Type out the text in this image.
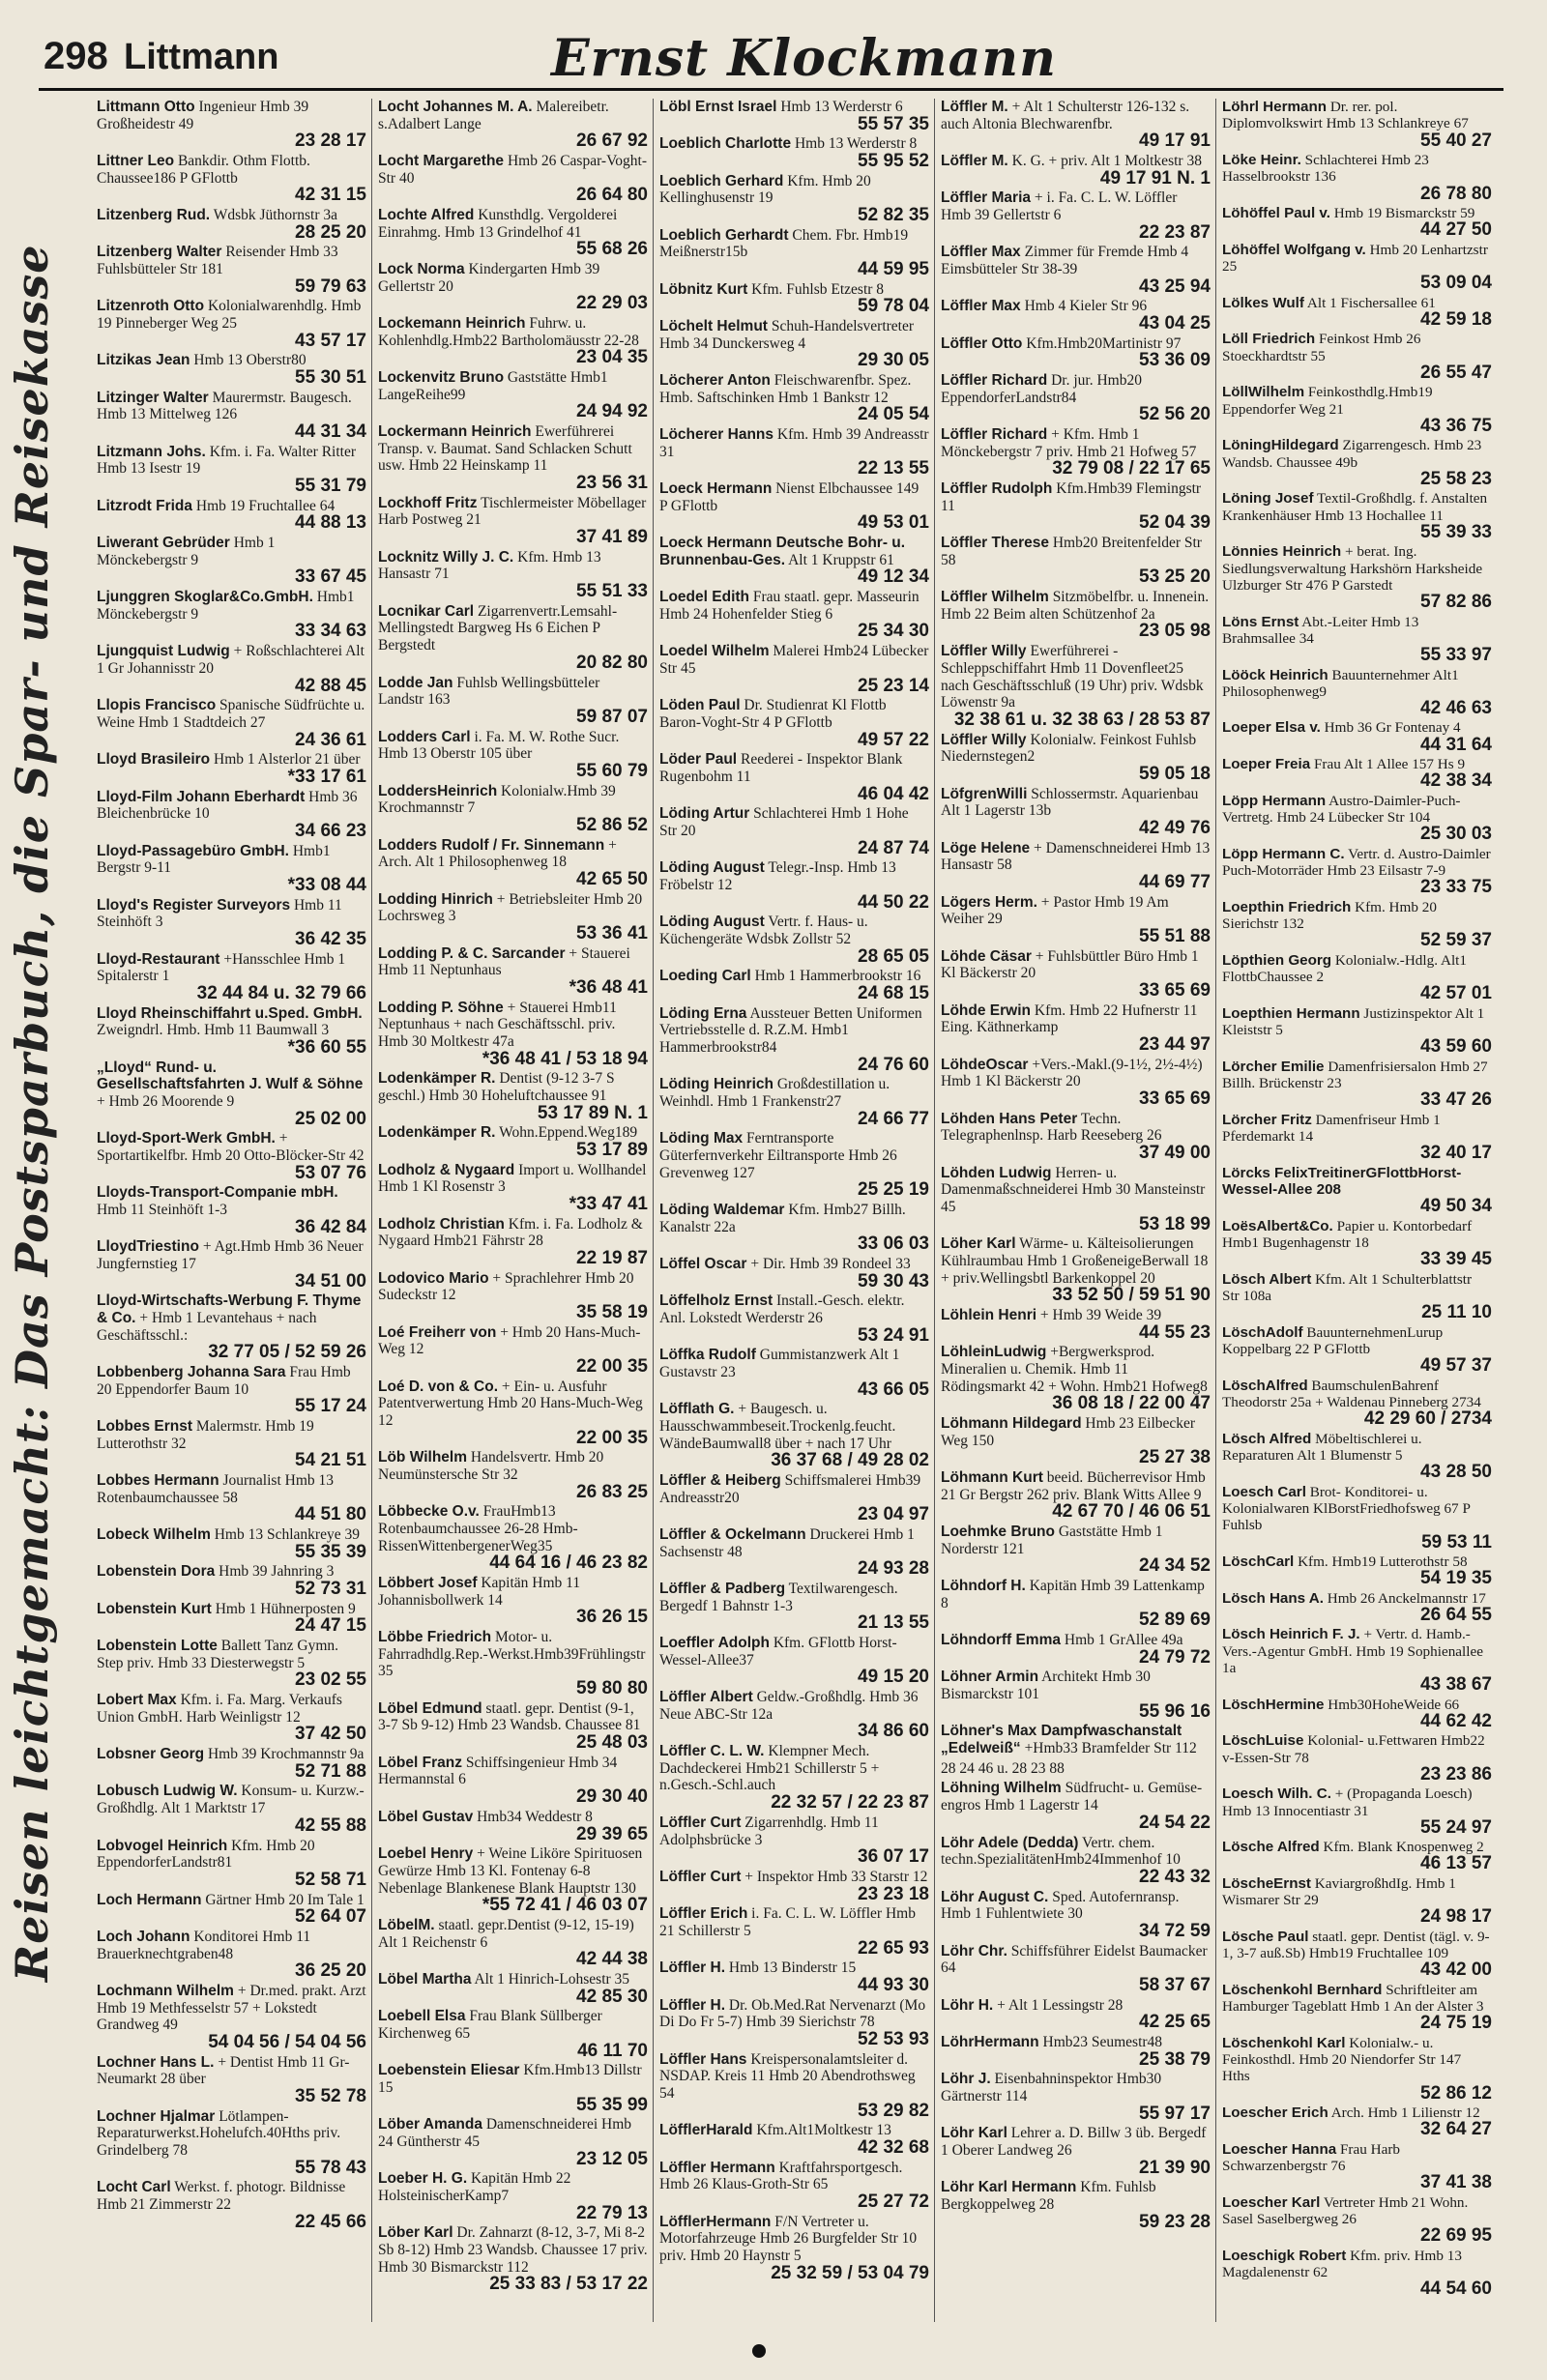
298 Littmann	Ernst Klockmann
Reisen leichtgemacht: Das Postsparbuch, die Spar- und Reisekasse
Littmann Otto Ingenieur Hmb 39 Großheidestr 49
23 28 17
Littner Leo Bankdir. Othm Flottb. Chaussee186 P GFlottb
42 31 15
Litzenberg Rud. Wdsbk Jüthornstr 3a
28 25 20
Litzenberg Walter Reisender Hmb 33 Fuhlsbütteler Str 181
59 79 63
Litzenroth Otto Kolonialwarenhdlg. Hmb 19 Pinneberger Weg 25
43 57 17
Litzikas Jean Hmb 13 Oberstr80
55 30 51
Litzinger Walter Maurermstr. Baugesch. Hmb 13 Mittelweg 126
44 31 34
Litzmann Johs. Kfm. i. Fa. Walter Ritter Hmb 13 Isestr 19
55 31 79
Litzrodt Frida Hmb 19 Fruchtallee 64
44 88 13
Liwerant Gebrüder Hmb 1 Mönckebergstr 9
33 67 45
Ljunggren Skoglar&Co.GmbH. Hmb1 Mönckebergstr 9
33 34 63
Ljungquist Ludwig + Roßschlachterei Alt 1 Gr Johannisstr 20
42 88 45
Llopis Francisco Spanische Südfrüchte u. Weine Hmb 1 Stadtdeich 27
24 36 61
Lloyd Brasileiro Hmb 1 Alsterlor 21 über
*33 17 61
Lloyd-Film Johann Eberhardt Hmb 36 Bleichenbrücke 10
34 66 23
Lloyd-Passagebüro GmbH. Hmb1 Bergstr 9-11
*33 08 44
Lloyd's Register Surveyors Hmb 11 Steinhöft 3
36 42 35
Lloyd-Restaurant +Hansschlee Hmb 1 Spitalerstr 1
32 44 84 u. 32 79 66
Lloyd Rheinschiffahrt u.Sped. GmbH. Zweigndrl. Hmb. Hmb 11 Baumwall 3
*36 60 55
„Lloyd“ Rund- u. Gesellschaftsfahrten J. Wulf & Söhne + Hmb 26 Moorende 9
25 02 00
Lloyd-Sport-Werk GmbH. + Sportartikelfbr. Hmb 20 Otto-Blöcker-Str 42
53 07 76
Lloyds-Transport-Companie mbH. Hmb 11 Steinhöft 1-3
36 42 84
LloydTriestino + Agt.Hmb Hmb 36 Neuer Jungfernstieg 17
34 51 00
Lloyd-Wirtschafts-Werbung F. Thyme & Co. + Hmb 1 Levantehaus + nach Geschäftsschl.:
32 77 05 / 52 59 26
Lobbenberg Johanna Sara Frau Hmb 20 Eppendorfer Baum 10
55 17 24
Lobbes Ernst Malermstr. Hmb 19 Lutterothstr 32
54 21 51
Lobbes Hermann Journalist Hmb 13 Rotenbaumchaussee 58
44 51 80
Lobeck Wilhelm Hmb 13 Schlankreye 39
55 35 39
Lobenstein Dora Hmb 39 Jahnring 3
52 73 31
Lobenstein Kurt Hmb 1 Hühnerposten 9
24 47 15
Lobenstein Lotte Ballett Tanz Gymn. Step priv. Hmb 33 Diesterwegstr 5
23 02 55
Lobert Max Kfm. i. Fa. Marg. Verkaufs Union GmbH. Harb Weinligstr 12
37 42 50
Lobsner Georg Hmb 39 Krochmannstr 9a
52 71 88
Lobusch Ludwig W. Konsum- u. Kurzw.-Großhdlg. Alt 1 Marktstr 17
42 55 88
Lobvogel Heinrich Kfm. Hmb 20 EppendorferLandstr81
52 58 71
Loch Hermann Gärtner Hmb 20 Im Tale 1
52 64 07
Loch Johann Konditorei Hmb 11 Brauerknechtgraben48
36 25 20
Lochmann Wilhelm + Dr.med. prakt. Arzt Hmb 19 Methfesselstr 57 + Lokstedt Grandweg 49
54 04 56 / 54 04 56
Lochner Hans L. + Dentist Hmb 11 Gr-Neumarkt 28 über
35 52 78
Lochner Hjalmar Lötlampen-Reparaturwerkst.Hohelufch.40Hths priv. Grindelberg 78
55 78 43
Locht Carl Werkst. f. photogr. Bildnisse Hmb 21 Zimmerstr 22
22 45 66
Locht Johannes M. A. Malereibetr. s.Adalbert Lange
26 67 92
Locht Margarethe Hmb 26 Caspar-Voght-Str 40
26 64 80
Lochte Alfred Kunsthdlg. Vergolderei Einrahmg. Hmb 13 Grindelhof 41
55 68 26
Lock Norma Kindergarten Hmb 39 Gellertstr 20
22 29 03
Lockemann Heinrich Fuhrw. u. Kohlenhdlg.Hmb22 Bartholomäusstr 22-28
23 04 35
Lockenvitz Bruno Gaststätte Hmb1 LangeReihe99
24 94 92
Lockermann Heinrich Ewerführerei Transp. v. Baumat. Sand Schlacken Schutt usw. Hmb 22 Heinskamp 11
23 56 31
Lockhoff Fritz Tischlermeister Möbellager Harb Postweg 21
37 41 89
Locknitz Willy J. C. Kfm. Hmb 13 Hansastr 71
55 51 33
Locnikar Carl Zigarrenvertr.Lemsahl-Mellingstedt Bargweg Hs 6 Eichen P Bergstedt
20 82 80
Lodde Jan Fuhlsb Wellingsbütteler Landstr 163
59 87 07
Lodders Carl i. Fa. M. W. Rothe Sucr. Hmb 13 Oberstr 105 über
55 60 79
LoddersHeinrich Kolonialw.Hmb 39 Krochmannstr 7
52 86 52
Lodders Rudolf / Fr. Sinnemann + Arch. Alt 1 Philosophenweg 18
42 65 50
Lodding Hinrich + Betriebsleiter Hmb 20 Lochrsweg 3
53 36 41
Lodding P. & C. Sarcander + Stauerei Hmb 11 Neptunhaus
*36 48 41
Lodding P. Söhne + Stauerei Hmb11 Neptunhaus + nach Geschäftsschl. priv. Hmb 30 Moltkestr 47a
*36 48 41 / 53 18 94
Lodenkämper R. Dentist (9-12 3-7 S geschl.) Hmb 30 Hoheluftchaussee 91
53 17 89 N. 1
Lodenkämper R. Wohn.Eppend.Weg189
53 17 89
Lodholz & Nygaard Import u. Wollhandel Hmb 1 Kl Rosenstr 3
*33 47 41
Lodholz Christian Kfm. i. Fa. Lodholz & Nygaard Hmb21 Fährstr 28
22 19 87
Lodovico Mario + Sprachlehrer Hmb 20 Sudeckstr 12
35 58 19
Loé Freiherr von + Hmb 20 Hans-Much-Weg 12
22 00 35
Loé D. von & Co. + Ein- u. Ausfuhr Patentverwertung Hmb 20 Hans-Much-Weg 12
22 00 35
Löb Wilhelm Handelsvertr. Hmb 20 Neumünstersche Str 32
26 83 25
Löbbecke O.v. FrauHmb13 Rotenbaumchaussee 26-28 Hmb-RissenWittenbergenerWeg35
44 64 16 / 46 23 82
Löbbert Josef Kapitän Hmb 11 Johannisbollwerk 14
36 26 15
Löbbe Friedrich Motor- u. Fahrradhdlg.Rep.-Werkst.Hmb39Frühlingstr 35
59 80 80
Löbel Edmund staatl. gepr. Dentist (9-1, 3-7 Sb 9-12) Hmb 23 Wandsb. Chaussee 81
25 48 03
Löbel Franz Schiffsingenieur Hmb 34 Hermannstal 6
29 30 40
Löbel Gustav Hmb34 Weddestr 8
29 39 65
Loebel Henry + Weine Liköre Spirituosen Gewürze Hmb 13 Kl. Fontenay 6-8 Nebenlage Blankenese Blank Hauptstr 130
*55 72 41 / 46 03 07
LöbelM. staatl. gepr.Dentist (9-12, 15-19) Alt 1 Reichenstr 6
42 44 38
Löbel Martha Alt 1 Hinrich-Lohsestr 35
42 85 30
Loebell Elsa Frau Blank Süllberger Kirchenweg 65
46 11 70
Loebenstein Eliesar Kfm.Hmb13 Dillstr 15
55 35 99
Löber Amanda Damenschneiderei Hmb 24 Güntherstr 45
23 12 05
Loeber H. G. Kapitän Hmb 22 HolsteinischerKamp7
22 79 13
Löber Karl Dr. Zahnarzt (8-12, 3-7, Mi 8-2 Sb 8-12) Hmb 23 Wandsb. Chaussee 17 priv. Hmb 30 Bismarckstr 112
25 33 83 / 53 17 22
Löbl Ernst Israel Hmb 13 Werderstr 6
55 57 35
Loeblich Charlotte Hmb 13 Werderstr 8
55 95 52
Loeblich Gerhard Kfm. Hmb 20 Kellinghusenstr 19
52 82 35
Loeblich Gerhardt Chem. Fbr. Hmb19 Meißnerstr15b
44 59 95
Löbnitz Kurt Kfm. Fuhlsb Etzestr 8
59 78 04
Löchelt Helmut Schuh-Handelsvertreter Hmb 34 Dunckersweg 4
29 30 05
Löcherer Anton Fleischwarenfbr. Spez. Hmb. Saftschinken Hmb 1 Bankstr 12
24 05 54
Löcherer Hanns Kfm. Hmb 39 Andreasstr 31
22 13 55
Loeck Hermann Nienst Elbchaussee 149 P GFlottb
49 53 01
Loeck Hermann Deutsche Bohr- u. Brunnenbau-Ges. Alt 1 Kruppstr 61
49 12 34
Loedel Edith Frau staatl. gepr. Masseurin Hmb 24 Hohenfelder Stieg 6
25 34 30
Loedel Wilhelm Malerei Hmb24 Lübecker Str 45
25 23 14
Löden Paul Dr. Studienrat Kl Flottb Baron-Voght-Str 4 P GFlottb
49 57 22
Löder Paul Reederei - Inspektor Blank Rugenbohm 11
46 04 42
Löding Artur Schlachterei Hmb 1 Hohe Str 20
24 87 74
Löding August Telegr.-Insp. Hmb 13 Fröbelstr 12
44 50 22
Löding August Vertr. f. Haus- u. Küchengeräte Wdsbk Zollstr 52
28 65 05
Loeding Carl Hmb 1 Hammerbrookstr 16
24 68 15
Löding Erna Aussteuer Betten Uniformen Vertriebsstelle d. R.Z.M. Hmb1 Hammerbrookstr84
24 76 60
Löding Heinrich Großdestillation u. Weinhdl. Hmb 1 Frankenstr27
24 66 77
Löding Max Ferntransporte Güterfernverkehr Eiltransporte Hmb 26 Grevenweg 127
25 25 19
Löding Waldemar Kfm. Hmb27 Billh. Kanalstr 22a
33 06 03
Löffel Oscar + Dir. Hmb 39 Rondeel 33
59 30 43
Löffelholz Ernst Install.-Gesch. elektr. Anl. Lokstedt Werderstr 26
53 24 91
Löffka Rudolf Gummistanzwerk Alt 1 Gustavstr 23
43 66 05
Löfflath G. + Baugesch. u. Hausschwammbeseit.Trockenlg.feucht. WändeBaumwall8 über + nach 17 Uhr
36 37 68 / 49 28 02
Löffler & Heiberg Schiffsmalerei Hmb39 Andreasstr20
23 04 97
Löffler & Ockelmann Druckerei Hmb 1 Sachsenstr 48
24 93 28
Löffler & Padberg Textilwarengesch. Bergedf 1 Bahnstr 1-3
21 13 55
Loeffler Adolph Kfm. GFlottb Horst-Wessel-Allee37
49 15 20
Löffler Albert Geldw.-Großhdlg. Hmb 36 Neue ABC-Str 12a
34 86 60
Löffler C. L. W. Klempner Mech. Dachdeckerei Hmb21 Schillerstr 5 + n.Gesch.-Schl.auch
22 32 57 / 22 23 87
Löffler Curt Zigarrenhdlg. Hmb 11 Adolphsbrücke 3
36 07 17
Löffler Curt + Inspektor Hmb 33 Starstr 12
23 23 18
Löffler Erich i. Fa. C. L. W. Löffler Hmb 21 Schillerstr 5
22 65 93
Löffler H. Hmb 13 Binderstr 15
44 93 30
Löffler H. Dr. Ob.Med.Rat Nervenarzt (Mo Di Do Fr 5-7) Hmb 39 Sierichstr 78
52 53 93
Löffler Hans Kreispersonalamtsleiter d. NSDAP. Kreis 11 Hmb 20 Abendrothsweg 54
53 29 82
LöfflerHarald Kfm.Alt1Moltkestr 13
42 32 68
Löffler Hermann Kraftfahrsportgesch. Hmb 26 Klaus-Groth-Str 65
25 27 72
LöfflerHermann F/N Vertreter u. Motorfahrzeuge Hmb 26 Burgfelder Str 10 priv. Hmb 20 Haynstr 5
25 32 59 / 53 04 79
Löffler M. + Alt 1 Schulterstr 126-132 s. auch Altonia Blechwarenfbr.
49 17 91
Löffler M. K. G. + priv. Alt 1 Moltkestr 38
49 17 91 N. 1
Löffler Maria + i. Fa. C. L. W. Löffler Hmb 39 Gellertstr 6
22 23 87
Löffler Max Zimmer für Fremde Hmb 4 Eimsbütteler Str 38-39
43 25 94
Löffler Max Hmb 4 Kieler Str 96
43 04 25
Löffler Otto Kfm.Hmb20Martinistr 97
53 36 09
Löffler Richard Dr. jur. Hmb20 EppendorferLandstr84
52 56 20
Löffler Richard + Kfm. Hmb 1 Mönckebergstr 7 priv. Hmb 21 Hofweg 57
32 79 08 / 22 17 65
Löffler Rudolph Kfm.Hmb39 Flemingstr 11
52 04 39
Löffler Therese Hmb20 Breitenfelder Str 58
53 25 20
Löffler Wilhelm Sitzmöbelfbr. u. Innenein. Hmb 22 Beim alten Schützenhof 2a
23 05 98
Löffler Willy Ewerführerei - Schleppschiffahrt Hmb 11 Dovenfleet25 nach Geschäftsschluß (19 Uhr) priv. Wdsbk Löwenstr 9a
32 38 61 u. 32 38 63 / 28 53 87
Löffler Willy Kolonialw. Feinkost Fuhlsb Niedernstegen2
59 05 18
LöfgrenWilli Schlossermstr. Aquarienbau Alt 1 Lagerstr 13b
42 49 76
Löge Helene + Damenschneiderei Hmb 13 Hansastr 58
44 69 77
Lögers Herm. + Pastor Hmb 19 Am Weiher 29
55 51 88
Löhde Cäsar + Fuhlsbüttler Büro Hmb 1 Kl Bäckerstr 20
33 65 69
Löhde Erwin Kfm. Hmb 22 Hufnerstr 11 Eing. Käthnerkamp
23 44 97
LöhdeOscar +Vers.-Makl.(9-1½, 2½-4½) Hmb 1 Kl Bäckerstr 20
33 65 69
Löhden Hans Peter Techn. Telegraphenlnsp. Harb Reeseberg 26
37 49 00
Löhden Ludwig Herren- u. Damenmaßschneiderei Hmb 30 Mansteinstr 45
53 18 99
Löher Karl Wärme- u. Kälteisolierungen Kühlraumbau Hmb 1 GroßeneigeBerwall 18 + priv.Wellingsbtl Barkenkoppel 20
33 52 50 / 59 51 90
Löhlein Henri + Hmb 39 Weide 39
44 55 23
LöhleinLudwig +Bergwerksprod. Mineralien u. Chemik. Hmb 11 Rödingsmarkt 42 + Wohn. Hmb21 Hofweg8
36 08 18 / 22 00 47
Löhmann Hildegard Hmb 23 Eilbecker Weg 150
25 27 38
Löhmann Kurt beeid. Bücherrevisor Hmb 21 Gr Bergstr 262 priv. Blank Witts Allee 9
42 67 70 / 46 06 51
Loehmke Bruno Gaststätte Hmb 1 Norderstr 121
24 34 52
Löhndorf H. Kapitän Hmb 39 Lattenkamp 8
52 89 69
Löhndorff Emma Hmb 1 GrAllee 49a
24 79 72
Löhner Armin Architekt Hmb 30 Bismarckstr 101
55 96 16
Löhner's Max Dampfwaschanstalt „Edelweiß“ +Hmb33 Bramfelder Str 112
28 24 46 u. 28 23 88
Löhning Wilhelm Südfrucht- u. Gemüse-engros Hmb 1 Lagerstr 14
24 54 22
Löhr Adele (Dedda) Vertr. chem. techn.SpezialitätenHmb24Immenhof 10
22 43 32
Löhr August C. Sped. Autofernransp. Hmb 1 Fuhlentwiete 30
34 72 59
Löhr Chr. Schiffsführer Eidelst Baumacker 64
58 37 67
Löhr H. + Alt 1 Lessingstr 28
42 25 65
LöhrHermann Hmb23 Seumestr48
25 38 79
Löhr J. Eisenbahninspektor Hmb30 Gärtnerstr 114
55 97 17
Löhr Karl Lehrer a. D. Billw 3 üb. Bergedf 1 Oberer Landweg 26
21 39 90
Löhr Karl Hermann Kfm. Fuhlsb Bergkoppelweg 28
59 23 28
Löhrl Hermann Dr. rer. pol. Diplomvolkswirt Hmb 13 Schlankreye 67
55 40 27
Löke Heinr. Schlachterei Hmb 23 Hasselbrookstr 136
26 78 80
Löhöffel Paul v. Hmb 19 Bismarckstr 59
44 27 50
Löhöffel Wolfgang v. Hmb 20 Lenhartzstr 25
53 09 04
Lölkes Wulf Alt 1 Fischersallee 61
42 59 18
Löll Friedrich Feinkost Hmb 26 Stoeckhardtstr 55
26 55 47
LöllWilhelm Feinkosthdlg.Hmb19 Eppendorfer Weg 21
43 36 75
LöningHildegard Zigarrengesch. Hmb 23 Wandsb. Chaussee 49b
25 58 23
Löning Josef Textil-Großhdlg. f. Anstalten Krankenhäuser Hmb 13 Hochallee 11
55 39 33
Lönnies Heinrich + berat. Ing. Siedlungsverwaltung Harkshörn Harksheide Ulzburger Str 476 P Garstedt
57 82 86
Löns Ernst Abt.-Leiter Hmb 13 Brahmsallee 34
55 33 97
Lööck Heinrich Bauunternehmer Alt1 Philosophenweg9
42 46 63
Loeper Elsa v. Hmb 36 Gr Fontenay 4
44 31 64
Loeper Freia Frau Alt 1 Allee 157 Hs 9
42 38 34
Löpp Hermann Austro-Daimler-Puch-Vertretg. Hmb 24 Lübecker Str 104
25 30 03
Löpp Hermann C. Vertr. d. Austro-Daimler Puch-Motorräder Hmb 23 Eilsastr 7-9
23 33 75
Loepthin Friedrich Kfm. Hmb 20 Sierichstr 132
52 59 37
Löpthien Georg Kolonialw.-Hdlg. Alt1 FlottbChaussee 2
42 57 01
Loepthien Hermann Justizinspektor Alt 1 Kleiststr 5
43 59 60
Lörcher Emilie Damenfrisiersalon Hmb 27 Billh. Brückenstr 23
33 47 26
Lörcher Fritz Damenfriseur Hmb 1 Pferdemarkt 14
32 40 17
Lörcks FelixTreitinerGFlottbHorst-Wessel-Allee 208
49 50 34
LoësAlbert&Co. Papier u. Kontorbedarf Hmb1 Bugenhagenstr 18
33 39 45
Lösch Albert Kfm. Alt 1 Schulterblattstr Str 108a
25 11 10
LöschAdolf BauunternehmenLurup Koppelbarg 22 P GFlottb
49 57 37
LöschAlfred BaumschulenBahrenf Theodorstr 25a + Waldenau Pinneberg 2734
42 29 60 / 2734
Lösch Alfred Möbeltischlerei u. Reparaturen Alt 1 Blumenstr 5
43 28 50
Loesch Carl Brot- Konditorei- u. Kolonialwaren KlBorstFriedhofsweg 67 P Fuhlsb
59 53 11
LöschCarl Kfm. Hmb19 Lutterothstr 58
54 19 35
Lösch Hans A. Hmb 26 Anckelmannstr 17
26 64 55
Lösch Heinrich F. J. + Vertr. d. Hamb.-Vers.-Agentur GmbH. Hmb 19 Sophienallee 1a
43 38 67
LöschHermine Hmb30HoheWeide 66
44 62 42
LöschLuise Kolonial- u.Fettwaren Hmb22 v-Essen-Str 78
23 23 86
Loesch Wilh. C. + (Propaganda Loesch) Hmb 13 Innocentiastr 31
55 24 97
Lösche Alfred Kfm. Blank Knospenweg 2
46 13 57
LöscheErnst KaviargroßhdIg. Hmb 1 Wismarer Str 29
24 98 17
Lösche Paul staatl. gepr. Dentist (tägl. v. 9-1, 3-7 auß.Sb) Hmb19 Fruchtallee 109
43 42 00
Löschenkohl Bernhard Schriftleiter am Hamburger Tageblatt Hmb 1 An der Alster 3
24 75 19
Löschenkohl Karl Kolonialw.- u. Feinkosthdl. Hmb 20 Niendorfer Str 147 Hths
52 86 12
Loescher Erich Arch. Hmb 1 Lilienstr 12
32 64 27
Loescher Hanna Frau Harb Schwarzenbergstr 76
37 41 38
Loescher Karl Vertreter Hmb 21 Wohn. Sasel Saselbergweg 26
22 69 95
Loeschigk Robert Kfm. priv. Hmb 13 Magdalenenstr 62
44 54 60
